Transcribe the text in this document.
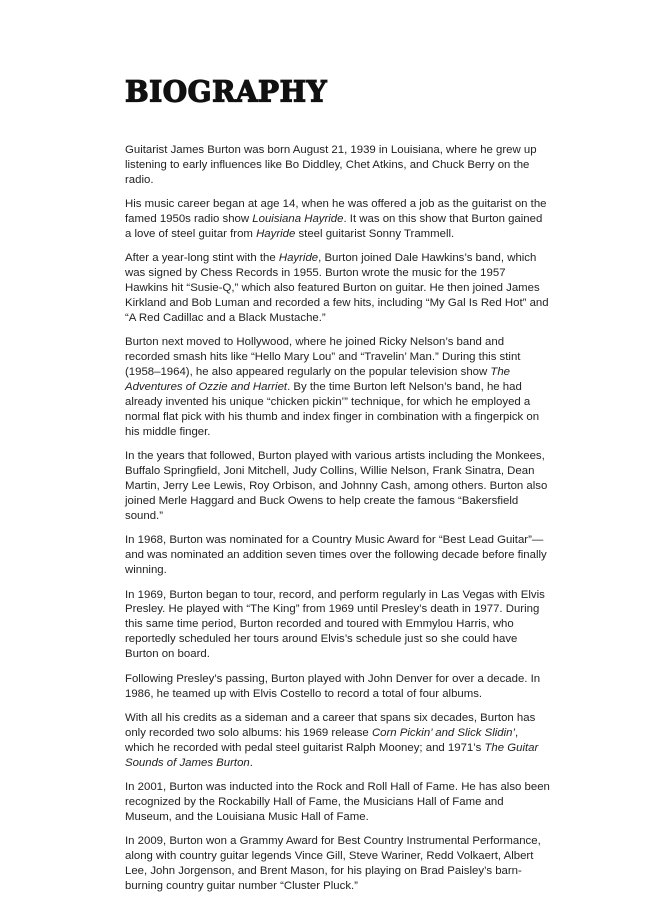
BIOGRAPHY

Guitarist James Burton was born August 21, 1939 in Louisiana, where he grew up listening to early influences like Bo Diddley, Chet Atkins, and Chuck Berry on the radio.

His music career began at age 14, when he was offered a job as the guitarist on the famed 1950s radio show Louisiana Hayride. It was on this show that Burton gained a love of steel guitar from Hayride steel guitarist Sonny Trammell.

After a year-long stint with the Hayride, Burton joined Dale Hawkins’s band, which was signed by Chess Records in 1955. Burton wrote the music for the 1957 Hawkins hit “Susie-Q,” which also featured Burton on guitar. He then joined James Kirkland and Bob Luman and recorded a few hits, including “My Gal Is Red Hot” and “A Red Cadillac and a Black Mustache.”

Burton next moved to Hollywood, where he joined Ricky Nelson’s band and recorded smash hits like “Hello Mary Lou” and “Travelin’ Man.” During this stint (1958–1964), he also appeared regularly on the popular television show The Adventures of Ozzie and Harriet. By the time Burton left Nelson’s band, he had already invented his unique “chicken pickin’” technique, for which he employed a normal flat pick with his thumb and index finger in combination with a fingerpick on his middle finger.

In the years that followed, Burton played with various artists including the Monkees, Buffalo Springfield, Joni Mitchell, Judy Collins, Willie Nelson, Frank Sinatra, Dean Martin, Jerry Lee Lewis, Roy Orbison, and Johnny Cash, among others. Burton also joined Merle Haggard and Buck Owens to help create the famous “Bakersfield sound.”

In 1968, Burton was nominated for a Country Music Award for “Best Lead Guitar”—and was nominated an addition seven times over the following decade before finally winning.

In 1969, Burton began to tour, record, and perform regularly in Las Vegas with Elvis Presley. He played with “The King” from 1969 until Presley’s death in 1977. During this same time period, Burton recorded and toured with Emmylou Harris, who reportedly scheduled her tours around Elvis’s schedule just so she could have Burton on board.

Following Presley’s passing, Burton played with John Denver for over a decade. In 1986, he teamed up with Elvis Costello to record a total of four albums.

With all his credits as a sideman and a career that spans six decades, Burton has only recorded two solo albums: his 1969 release Corn Pickin’ and Slick Slidin’, which he recorded with pedal steel guitarist Ralph Mooney; and 1971’s The Guitar Sounds of James Burton.

In 2001, Burton was inducted into the Rock and Roll Hall of Fame. He has also been recognized by the Rockabilly Hall of Fame, the Musicians Hall of Fame and Museum, and the Louisiana Music Hall of Fame.

In 2009, Burton won a Grammy Award for Best Country Instrumental Performance, along with country guitar legends Vince Gill, Steve Wariner, Redd Volkaert, Albert Lee, John Jorgenson, and Brent Mason, for his playing on Brad Paisley’s barn-burning country guitar number “Cluster Pluck.”
